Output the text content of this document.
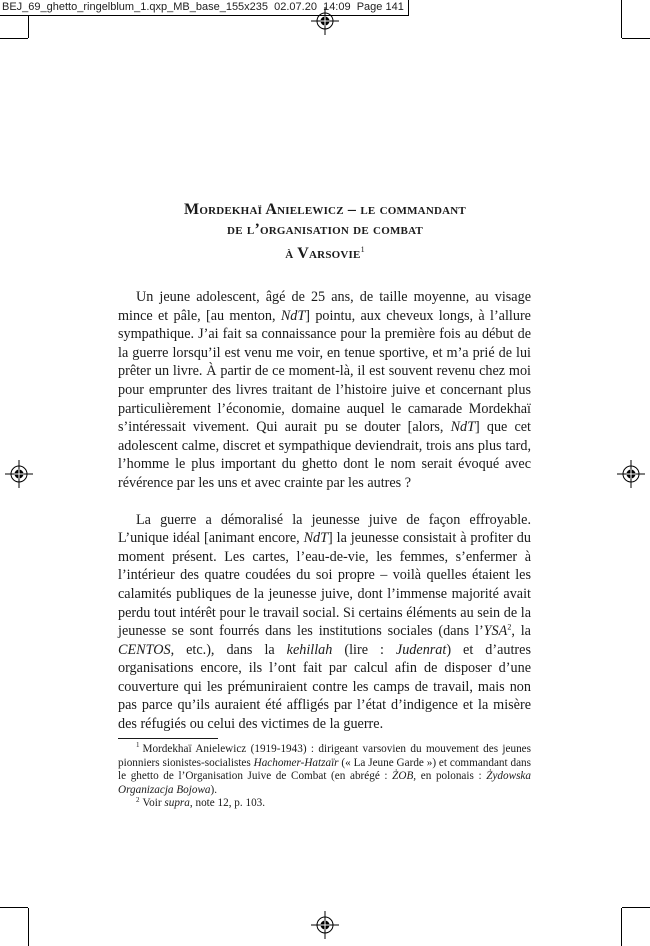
BEJ_69_ghetto_ringelblum_1.qxp_MB_base_155x235  02.07.20  14:09  Page 141
Mordekhaï Anielewicz – le commandant
de l’organisation de combat
à Varsovie$^1$

Un jeune adolescent, âgé de 25 ans, de taille moyenne, au visage mince et pâle, [au menton, NdT] pointu, aux cheveux longs, à l’allure sympathique. J’ai fait sa connaissance pour la première fois au début de la guerre lorsqu’il est venu me voir, en tenue sportive, et m’a prié de lui prêter un livre. À partir de ce moment-là, il est souvent revenu chez moi pour emprunter des livres traitant de l’histoire juive et concernant plus particulièrement l’économie, domaine auquel le camarade Mordekhaï s’intéressait vivement. Qui aurait pu se douter [alors, NdT] que cet adolescent calme, discret et sympathique deviendrait, trois ans plus tard, l’homme le plus important du ghetto dont le nom serait évoqué avec révérence par les uns et avec crainte par les autres ?

La guerre a démoralisé la jeunesse juive de façon effroyable. L’unique idéal [animant encore, NdT] la jeunesse consistait à profiter du moment présent. Les cartes, l’eau-de-vie, les femmes, s’enfermer à l’intérieur des quatre coudées du soi propre – voilà quelles étaient les calamités publiques de la jeunesse juive, dont l’immense majorité avait perdu tout intérêt pour le travail social. Si certains éléments au sein de la jeunesse se sont fourrés dans les institutions sociales (dans l’YSA$^2$, la CENTOS, etc.), dans la kehillah (lire : Judenrat) et d’autres organisations encore, ils l’ont fait par calcul afin de disposer d’une couverture qui les prémuniraient contre les camps de travail, mais non pas parce qu’ils auraient été affligés par l’état d’indigence et la misère des réfugiés ou celui des victimes de la guerre.

$^1$ Mordekhaï Anielewicz (1919-1943) : dirigeant varsovien du mouvement des jeunes pionniers sionistes-socialistes Hachomer-Hatzaïr (« La Jeune Garde ») et commandant dans le ghetto de l’Organisation Juive de Combat (en abrégé : ŻOB, en polonais : Żydowska Organizacja Bojowa).

$^2$ Voir supra, note 12, p. 103.
